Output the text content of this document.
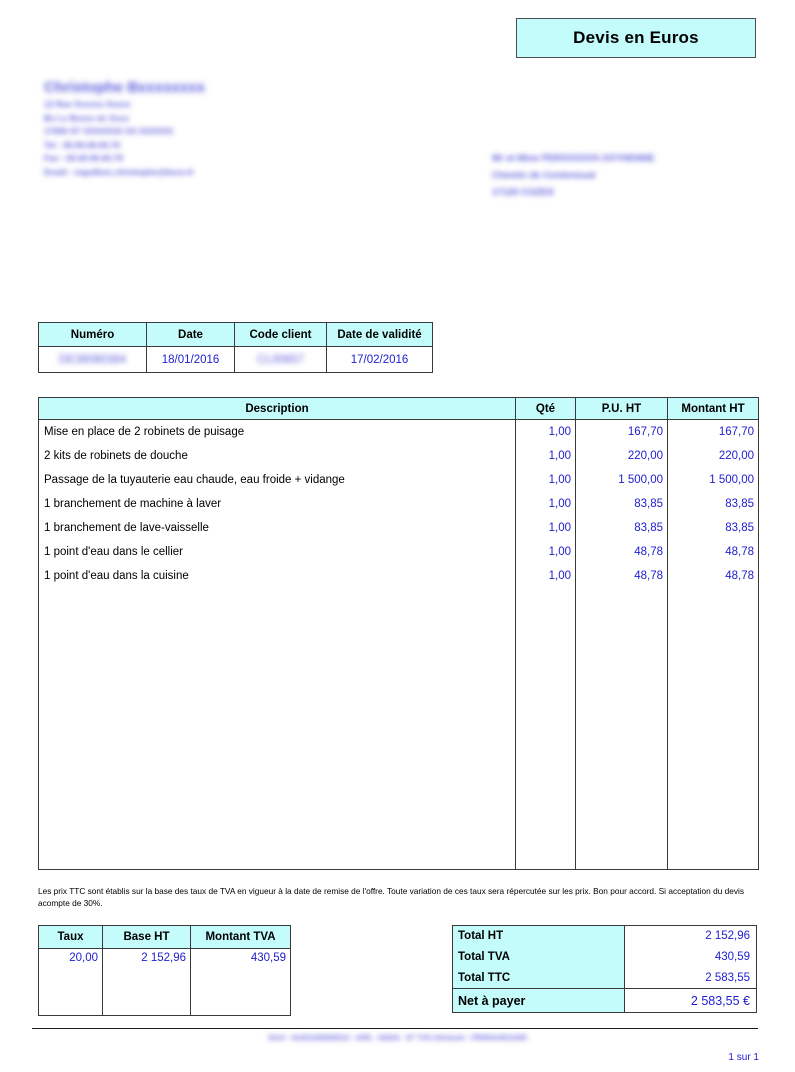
Devis en Euros
Christophe Bxxxxxxxx
12 Rue Xxxxxx Xxxxx
Bx Lx Bxxxx dx Xxxx
17000 ST XXXXXXX XX XXXXXX
Tel : 00.00.00.00.70
Fax : 00.00.00.00.79
Email : regulibxx.christophe@bxxx.fr
Mr et Mme PERXXXXXX-XXYHENNE
Chemin de Contenoual
17120 COZES
Numéro	Date	Code client	Date de validité
DE38080384	18/01/2016	CL00657	17/02/2016
Description	Qté	P.U. HT	Montant HT
Mise en place de 2 robinets de puisage	1,00	167,70	167,70
2 kits de robinets de douche	1,00	220,00	220,00
Passage de la tuyauterie eau chaude, eau froide + vidange	1,00	1 500,00	1 500,00
1 branchement de machine à laver	1,00	83,85	83,85
1 branchement de lave-vaisselle	1,00	83,85	83,85
1 point d'eau dans le cellier	1,00	48,78	48,78
1 point d'eau dans la cuisine	1,00	48,78	48,78

Les prix TTC sont établis sur la base des taux de TVA en vigueur à la date de remise de l'offre. Toute variation de ces taux sera répercutée sur les prix. Bon pour accord. Si acceptation du devis acompte de 30%.
Taux	Base HT	Montant TVA
20,00	2 152,96	430,59

Total HT	2 152,96
Total TVA	430,59
Total TTC	2 583,55
Net à payer	2 583,55 €
Siret : 41421100000010 - APE : 4322A - N° TVA intracom : FR00414011000
1 sur 1
